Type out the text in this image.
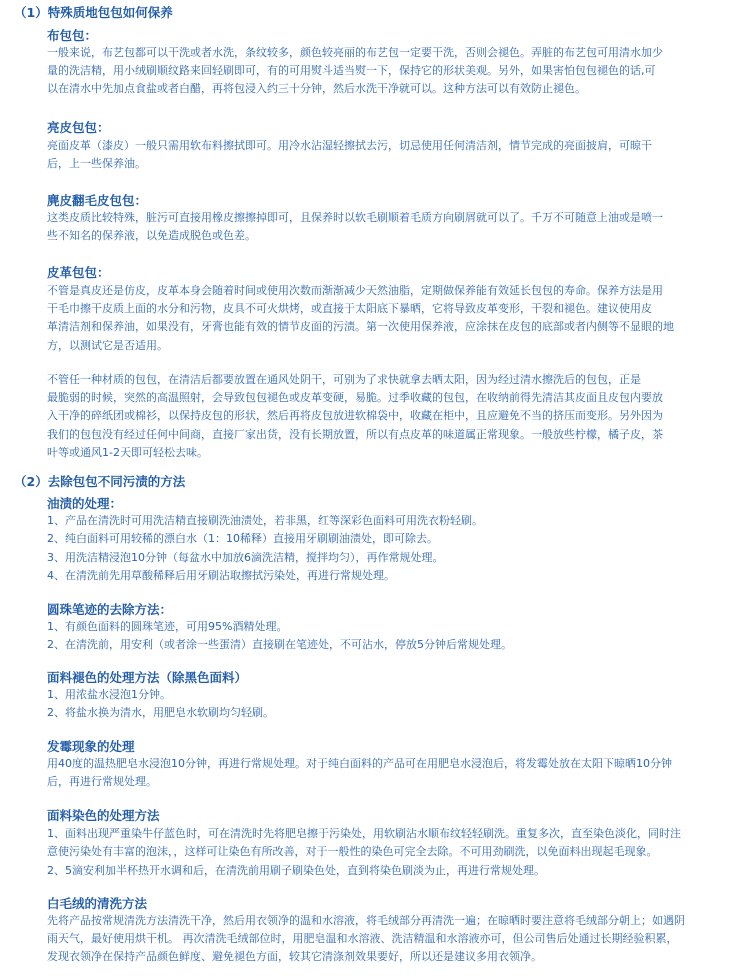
（1）特殊质地包包如何保养
布包包：
一般来说，布艺包都可以干洗或者水洗，条纹较多，颜色较亮丽的布艺包一定要干洗，否则会褪色。弄脏的布艺包可用清水加少
量的洗洁精，用小绒刷顺纹路来回轻刷即可，有的可用熨斗适当熨一下，保持它的形状美观。另外，如果害怕包包褪色的话,可
以在清水中先加点食盐或者白醋，再将包浸入约三十分钟，然后水洗干净就可以。这种方法可以有效防止褪色。
亮皮包包：
亮面皮革（漆皮）一般只需用软布料擦拭即可。用冷水沾湿轻擦拭去污，切忌使用任何清洁剂，情节完成的亮面披肩，可晾干
后，上一些保养油。
麂皮翻毛皮包包：
这类皮质比较特殊，脏污可直接用橡皮擦擦掉即可，且保养时以软毛刷顺着毛质方向刷屑就可以了。千万不可随意上油或是喷一
些不知名的保养液，以免造成脱色或色差。
皮革包包：
不管是真皮还是仿皮，皮革本身会随着时间或使用次数而渐渐减少天然油脂，定期做保养能有效延长包包的寿命。保养方法是用
干毛巾擦干皮质上面的水分和污物，皮具不可火烘烤，或直接于太阳底下暴晒，它将导致皮革变形，干裂和褪色。建议使用皮
革清洁剂和保养油，如果没有，牙膏也能有效的情节皮面的污渍。第一次使用保养液，应涂抹在皮包的底部或者内侧等不显眼的地
方，以测试它是否适用。
不管任一种材质的包包，在清洁后都要放置在通风处阴干，可别为了求快就拿去晒太阳，因为经过清水擦洗后的包包，正是
最脆弱的时候，突然的高温照射，会导致包包褪色或皮革变硬，易脆。过季收藏的包包，在收纳前得先清洁其皮面且皮包内要放
入干净的碎纸团或棉衫，以保持皮包的形状，然后再将皮包放进软棉袋中，收藏在柜中，且应避免不当的挤压而变形。另外因为
我们的包包没有经过任何中间商，直接厂家出货，没有长期放置，所以有点皮革的味道属正常现象。一般放些柠檬，橘子皮，茶
叶等或通风1-2天即可轻松去味。
（2）去除包包不同污渍的方法
油渍的处理：
1、产品在清洗时可用洗洁精直接刷洗油渍处，若非黑，红等深彩色面料可用洗衣粉轻刷。
2、纯白面料可用较稀的漂白水（1：10稀释）直接用牙刷刷油渍处，即可除去。
3、用洗洁精浸泡10分钟（每盆水中加放6滴洗洁精，搅拌均匀），再作常规处理。
4、在清洗前先用草酸稀释后用牙刷沾取擦拭污染处，再进行常规处理。
圆珠笔迹的去除方法：
1、有颜色面料的圆珠笔迹，可用95%酒精处理。
2、在清洗前，用安利（或者涂一些蛋清）直接刷在笔迹处，不可沾水，停放5分钟后常规处理。
面料褪色的处理方法（除黑色面料）
1、用浓盐水浸泡1分钟。
2、将盐水换为清水，用肥皂水软刷均匀轻刷。
发霉现象的处理
用40度的温热肥皂水浸泡10分钟，再进行常规处理。对于纯白面料的产品可在用肥皂水浸泡后，将发霉处放在太阳下晾晒10分钟
后，再进行常规处理。
面料染色的处理方法
1、面料出现严重染牛仔蓝色时，可在清洗时先将肥皂擦于污染处，用软刷沾水顺布纹轻轻刷洗。重复多次，直至染色淡化，同时注
意使污染处有丰富的泡沫，，这样可让染色有所改善，对于一般性的染色可完全去除。不可用劲刷洗，以免面料出现起毛现象。
2、5滴安利加半杯热开水调和后，在清洗前用刷子刷染色处，直到将染色刷淡为止，再进行常规处理。
白毛绒的清洗方法
先将产品按常规清洗方法清洗干净，然后用衣领净的温和水溶液，将毛绒部分再清洗一遍；在晾晒时要注意将毛绒部分朝上；如遇阴
雨天气，最好使用烘干机。 再次清洗毛绒部位时，用肥皂温和水溶液、洗洁精温和水溶液亦可，但公司售后处通过长期经验积累，
发现衣领净在保持产品颜色鲜度、避免褪色方面，较其它清涤剂效果要好，所以还是建议多用衣领净。
